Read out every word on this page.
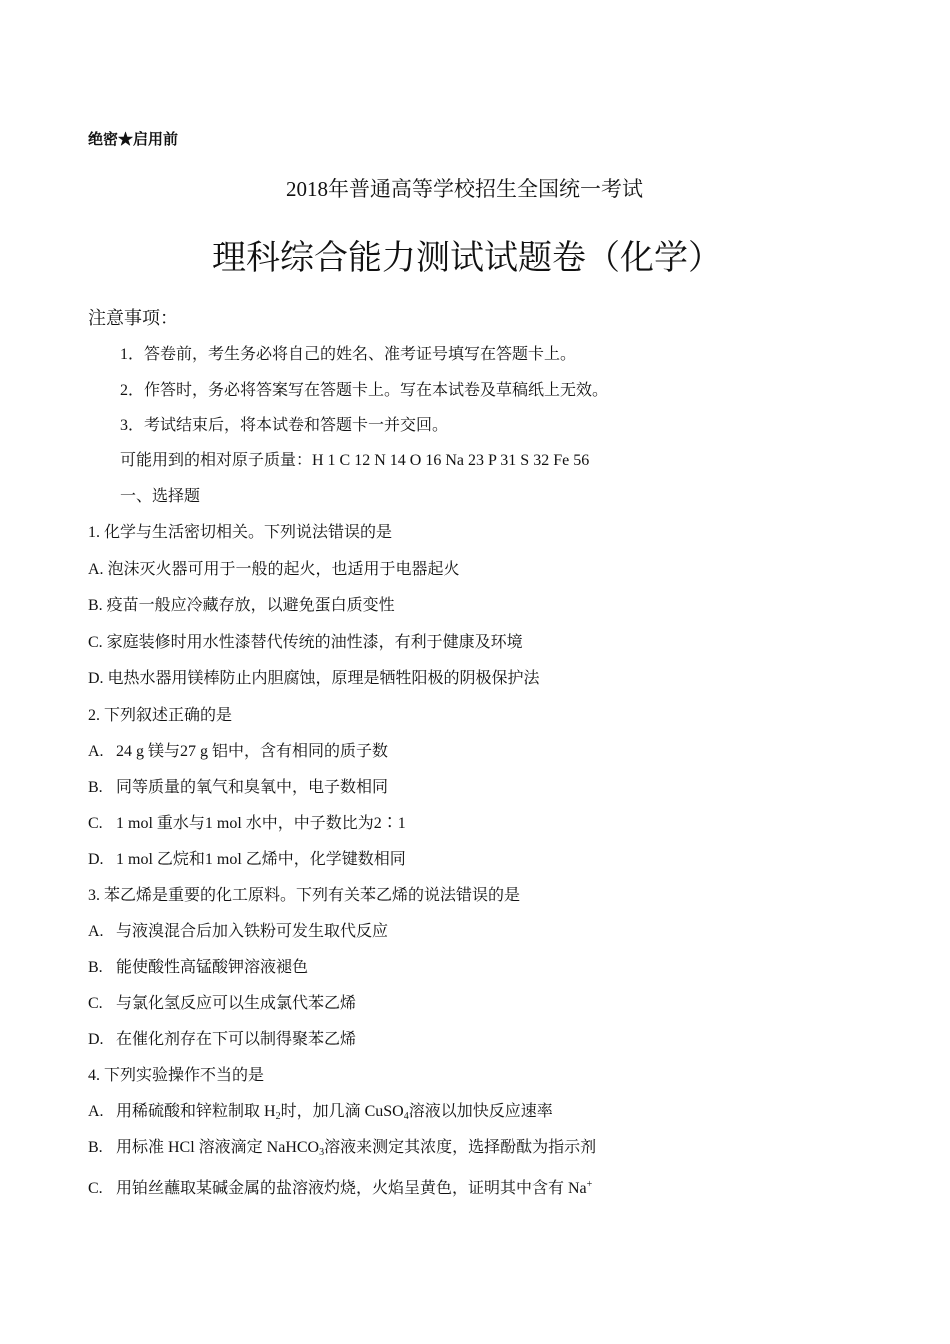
绝密★启用前
2018年普通高等学校招生全国统一考试
理科综合能力测试试题卷（化学）
注意事项：
1．答卷前，考生务必将自己的姓名、准考证号填写在答题卡上。
2．作答时，务必将答案写在答题卡上。写在本试卷及草稿纸上无效。
3．考试结束后，将本试卷和答题卡一并交回。
可能用到的相对原子质量：H 1 C 12 N 14 O 16 Na 23 P 31 S 32 Fe 56
一、选择题
1. 化学与生活密切相关。下列说法错误的是
A. 泡沫灭火器可用于一般的起火，也适用于电器起火
B. 疫苗一般应冷藏存放，以避免蛋白质变性
C. 家庭装修时用水性漆替代传统的油性漆，有利于健康及环境
D. 电热水器用镁棒防止内胆腐蚀，原理是牺牲阳极的阴极保护法
2. 下列叙述正确的是
A. 24 g 镁与27 g 铝中，含有相同的质子数
B. 同等质量的氧气和臭氧中，电子数相同
C. 1 mol 重水与1 mol 水中，中子数比为2∶1
D. 1 mol 乙烷和1 mol 乙烯中，化学键数相同
3. 苯乙烯是重要的化工原料。下列有关苯乙烯的说法错误的是
A. 与液溴混合后加入铁粉可发生取代反应
B. 能使酸性高锰酸钾溶液褪色
C. 与氯化氢反应可以生成氯代苯乙烯
D. 在催化剂存在下可以制得聚苯乙烯
4. 下列实验操作不当的是
A. 用稀硫酸和锌粒制取 $H_2$时，加几滴 CuSO$_4$溶液以加快反应速率
B. 用标准 HCl 溶液滴定 NaHCO$_3$溶液来测定其浓度，选择酚酞为指示剂
C. 用铂丝蘸取某碱金属的盐溶液灼烧，火焰呈黄色，证明其中含有 Na+
